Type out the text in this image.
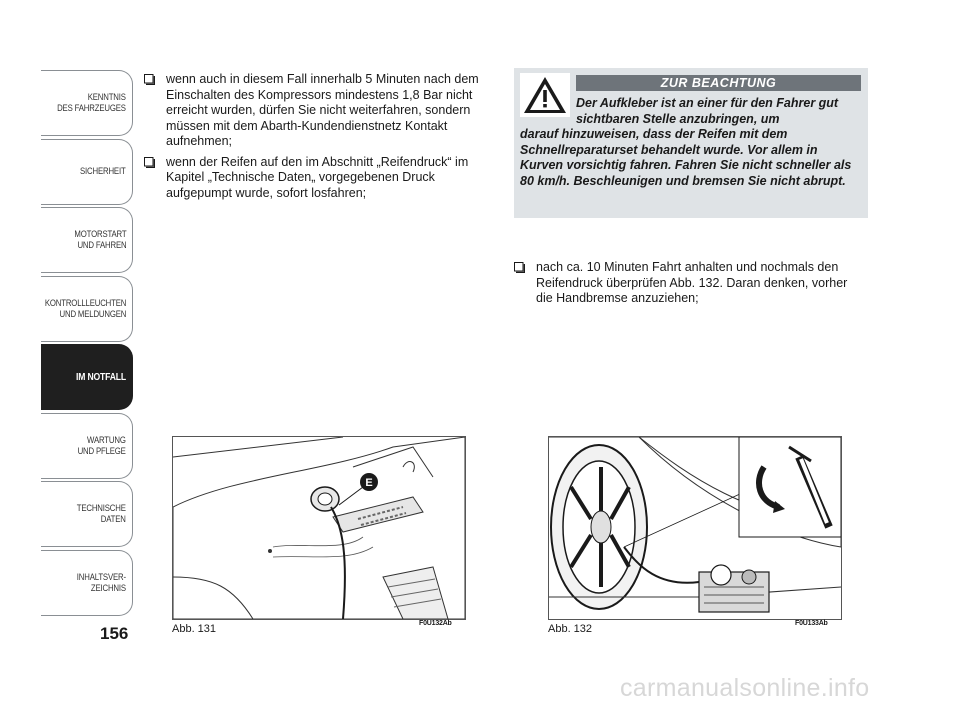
KENNTNIS
DES FAHRZEUGES
SICHERHEIT
MOTORSTART
UND FAHREN
KONTROLLLEUCHTEN
UND MELDUNGEN
IM NOTFALL
WARTUNG
UND PFLEGE
TECHNISCHE
DATEN
INHALTSVER-
ZEICHNIS
156
wenn auch in diesem Fall innerhalb 5 Minuten nach dem Einschalten des Kompressors mindestens 1,8 Bar nicht erreicht wurden, dürfen Sie nicht weiterfahren, sondern müssen mit dem Abarth-Kundendienstnetz Kontakt aufnehmen;
wenn der Reifen auf den im Abschnitt „Reifendruck“ im Kapitel „Technische Daten„ vorgegebenen Druck aufgepumpt wurde, sofort losfahren;
ZUR BEACHTUNG
Der Aufkleber ist an einer für den Fahrer gut sichtbaren Stelle anzubringen, um
darauf hinzuweisen, dass der Reifen mit dem Schnellreparaturset behandelt wurde. Vor allem in Kurven vorsichtig fahren. Fahren Sie nicht schneller als 80 km/h. Beschleunigen und bremsen Sie nicht abrupt.
nach ca. 10 Minuten Fahrt anhalten und nochmals den Reifendruck überprüfen Abb. 132. Daran denken, vorher die Handbremse anzuziehen;
E
Abb. 131	F0U132Ab	Abb. 132	F0U133Ab
carmanualsonline.info
